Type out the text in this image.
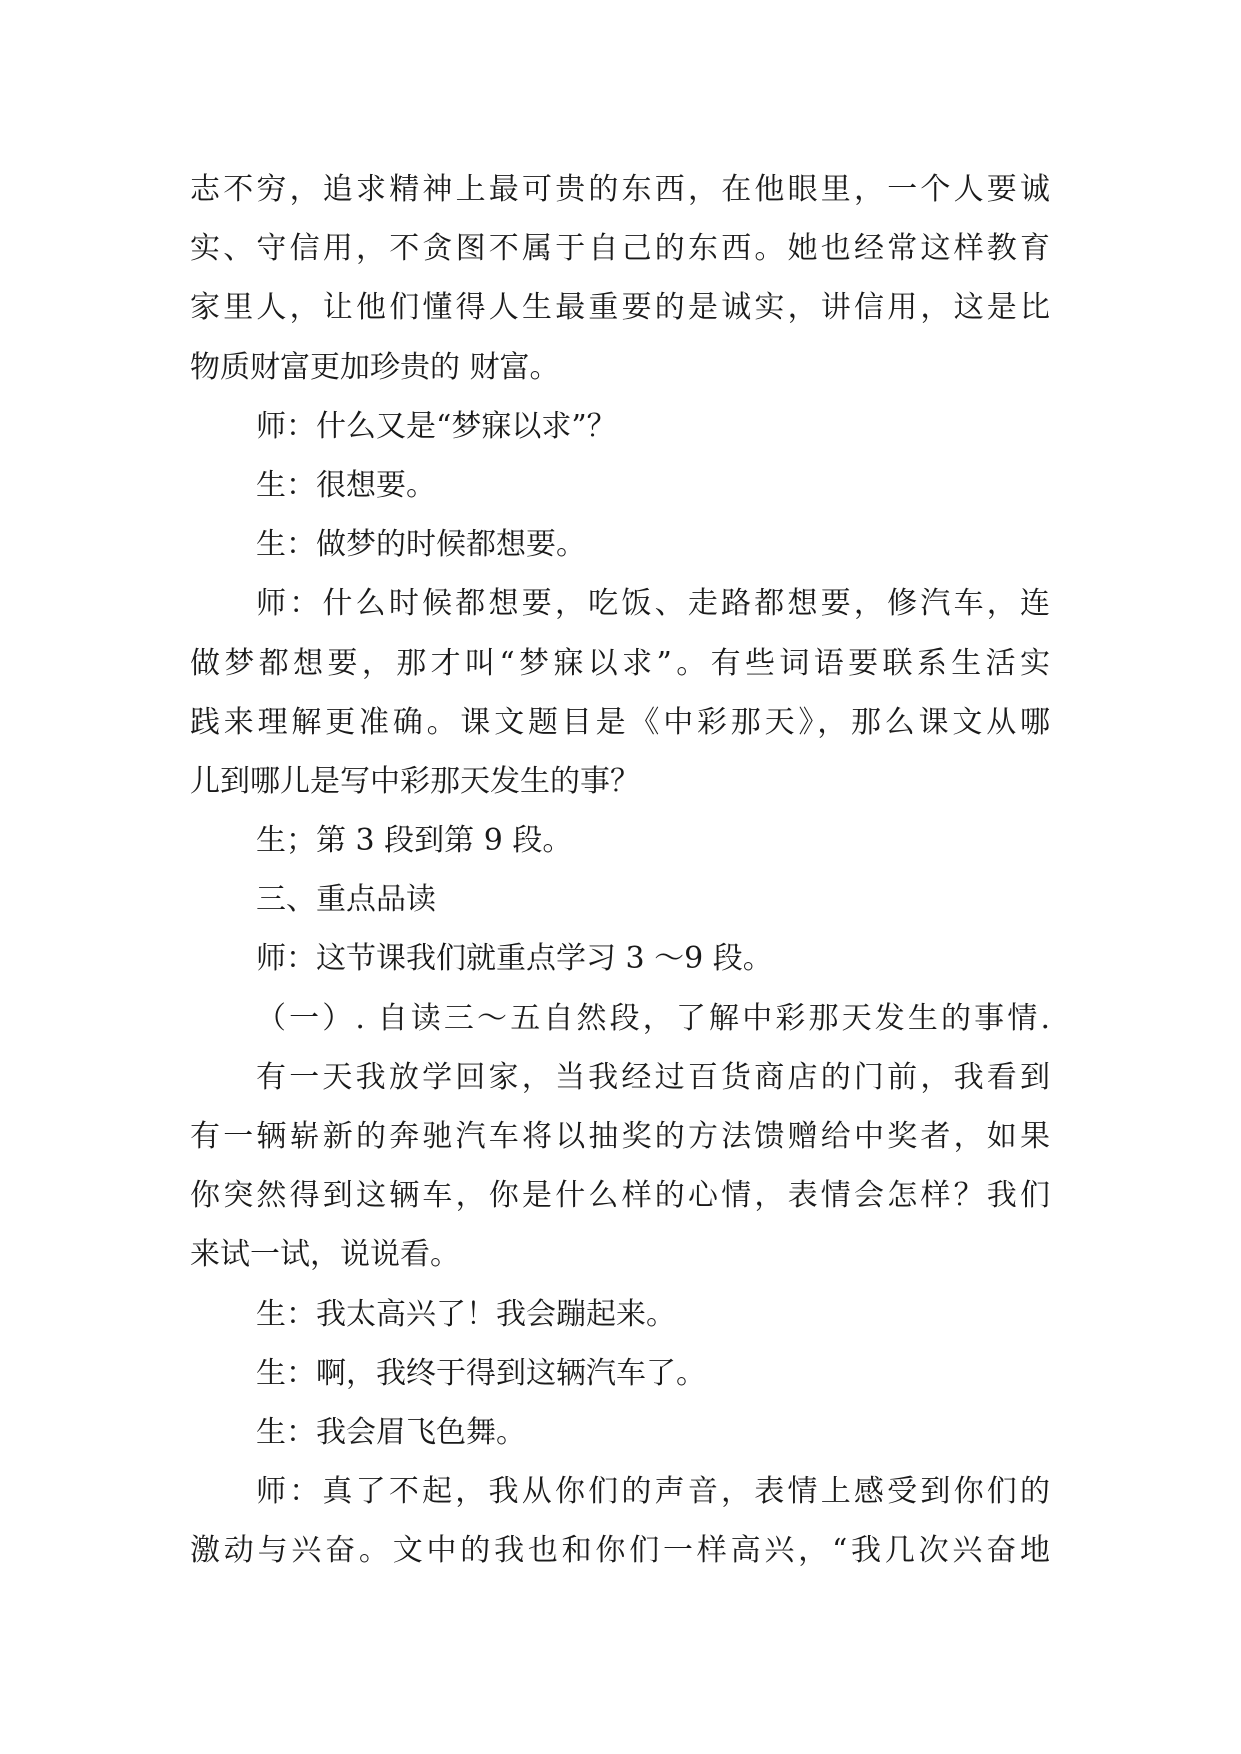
志不穷，追求精神上最可贵的东西，在他眼里，一个人要诚
实、守信用，不贪图不属于自己的东西。她也经常这样教育
家里人，让他们懂得人生最重要的是诚实，讲信用，这是比
物质财富更加珍贵的 财富。
师：什么又是“梦寐以求”？
生：很想要。
生：做梦的时候都想要。
师：什么时候都想要，吃饭、走路都想要，修汽车，连
做梦都想要，那才叫“梦寐以求”。有些词语要联系生活实
践来理解更准确。课文题目是《中彩那天》，那么课文从哪
儿到哪儿是写中彩那天发生的事？
生；第 3 段到第 9 段。
三、重点品读
师：这节课我们就重点学习 3 ～9 段。
（一）. 自读三～五自然段，了解中彩那天发生的事情.
有一天我放学回家，当我经过百货商店的门前，我看到
有一辆崭新的奔驰汽车将以抽奖的方法馈赠给中奖者，如果
你突然得到这辆车，你是什么样的心情，表情会怎样？我们
来试一试，说说看。
生：我太高兴了！我会蹦起来。
生：啊，我终于得到这辆汽车了。
生：我会眉飞色舞。
师：真了不起，我从你们的声音，表情上感受到你们的
激动与兴奋。文中的我也和你们一样高兴，“我几次兴奋地
